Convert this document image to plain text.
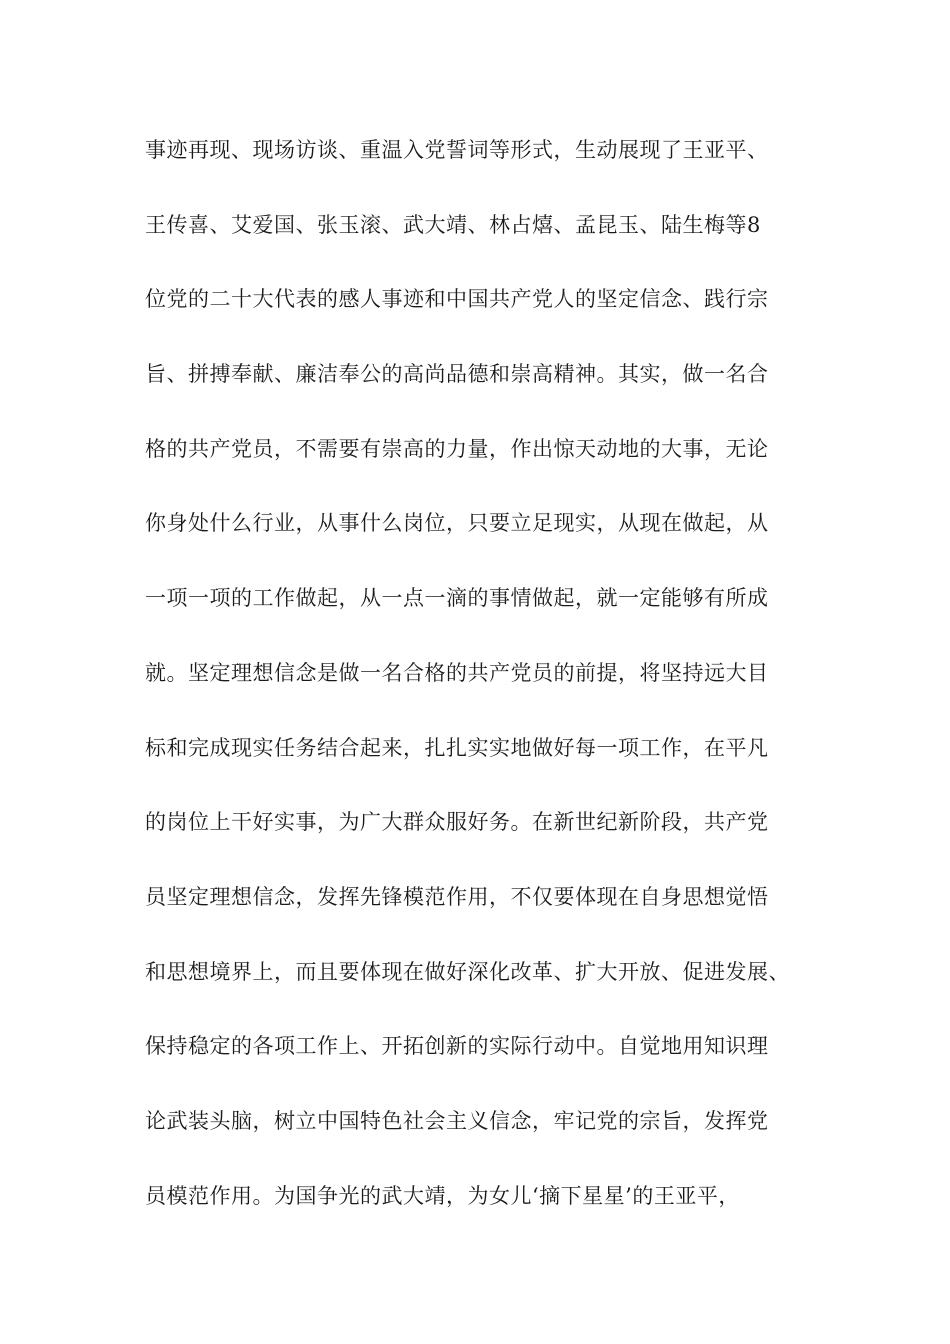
事迹再现、现场访谈、重温入党誓词等形式，生动展现了王亚平、
王传喜、艾爱国、张玉滚、武大靖、林占熺、孟昆玉、陆生梅等8
位党的二十大代表的感人事迹和中国共产党人的坚定信念、践行宗
旨、拼搏奉献、廉洁奉公的高尚品德和崇高精神。其实，做一名合
格的共产党员，不需要有崇高的力量，作出惊天动地的大事，无论
你身处什么行业，从事什么岗位，只要立足现实，从现在做起，从
一项一项的工作做起，从一点一滴的事情做起，就一定能够有所成
就。坚定理想信念是做一名合格的共产党员的前提，将坚持远大目
标和完成现实任务结合起来，扎扎实实地做好每一项工作，在平凡
的岗位上干好实事，为广大群众服好务。在新世纪新阶段，共产党
员坚定理想信念，发挥先锋模范作用，不仅要体现在自身思想觉悟
和思想境界上，而且要体现在做好深化改革、扩大开放、促进发展、
保持稳定的各项工作上、开拓创新的实际行动中。自觉地用知识理
论武装头脑，树立中国特色社会主义信念，牢记党的宗旨，发挥党
员模范作用。为国争光的武大靖，为女儿‘摘下星星’的王亚平，
